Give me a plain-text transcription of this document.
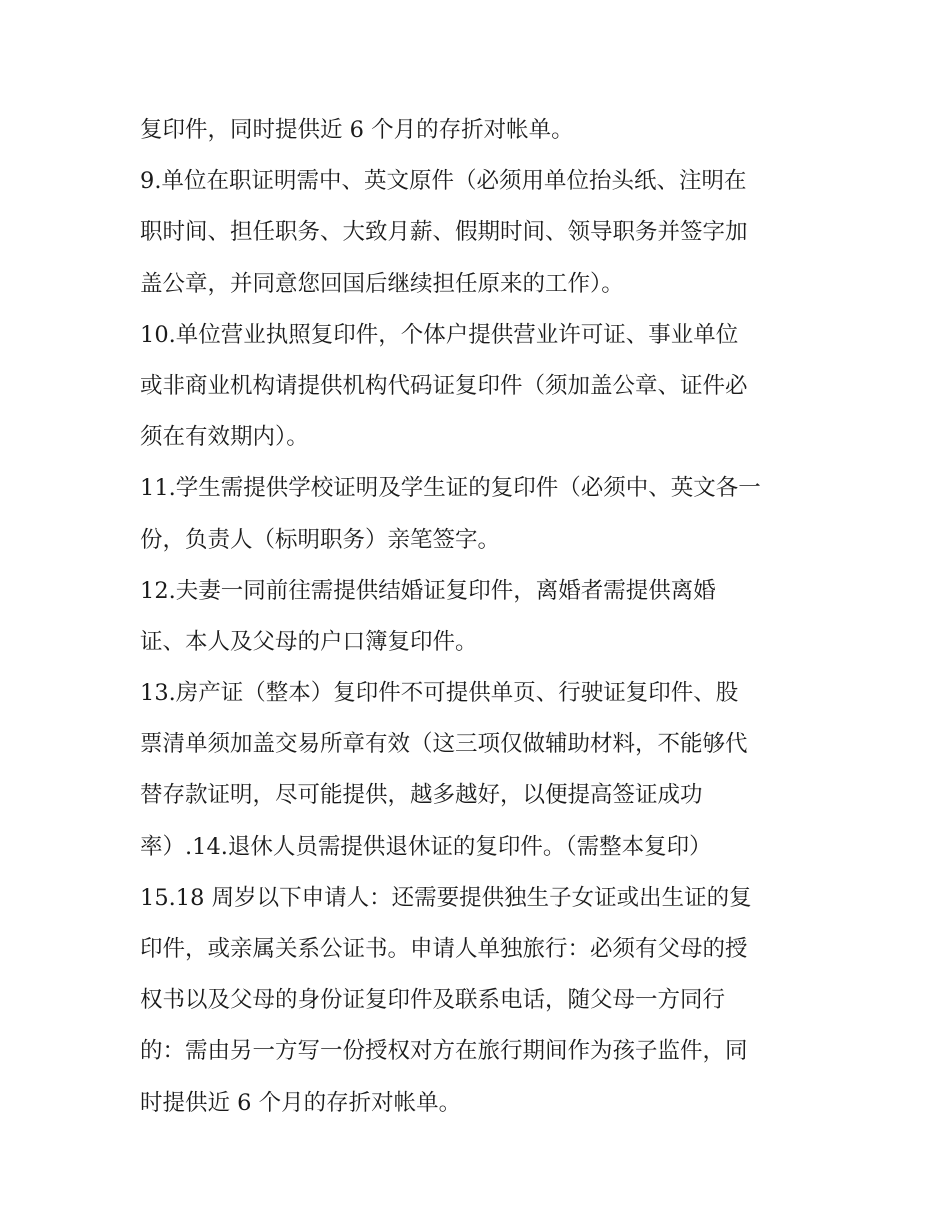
复印件，同时提供近 6 个月的存折对帐单。
9.单位在职证明需中、英文原件（必须用单位抬头纸、注明在
职时间、担任职务、大致月薪、假期时间、领导职务并签字加
盖公章，并同意您回国后继续担任原来的工作）。
10.单位营业执照复印件，个体户提供营业许可证、事业单位
或非商业机构请提供机构代码证复印件（须加盖公章、证件必
须在有效期内）。
11.学生需提供学校证明及学生证的复印件（必须中、英文各一
份，负责人（标明职务）亲笔签字。
12.夫妻一同前往需提供结婚证复印件，离婚者需提供离婚
证、本人及父母的户口簿复印件。
13.房产证（整本）复印件不可提供单页、行驶证复印件、股
票清单须加盖交易所章有效（这三项仅做辅助材料，不能够代
替存款证明，尽可能提供，越多越好，以便提高签证成功
率）.14.退休人员需提供退休证的复印件。（需整本复印）
15.18 周岁以下申请人：还需要提供独生子女证或出生证的复
印件，或亲属关系公证书。申请人单独旅行：必须有父母的授
权书以及父母的身份证复印件及联系电话，随父母一方同行
的：需由另一方写一份授权对方在旅行期间作为孩子监件，同
时提供近 6 个月的存折对帐单。
